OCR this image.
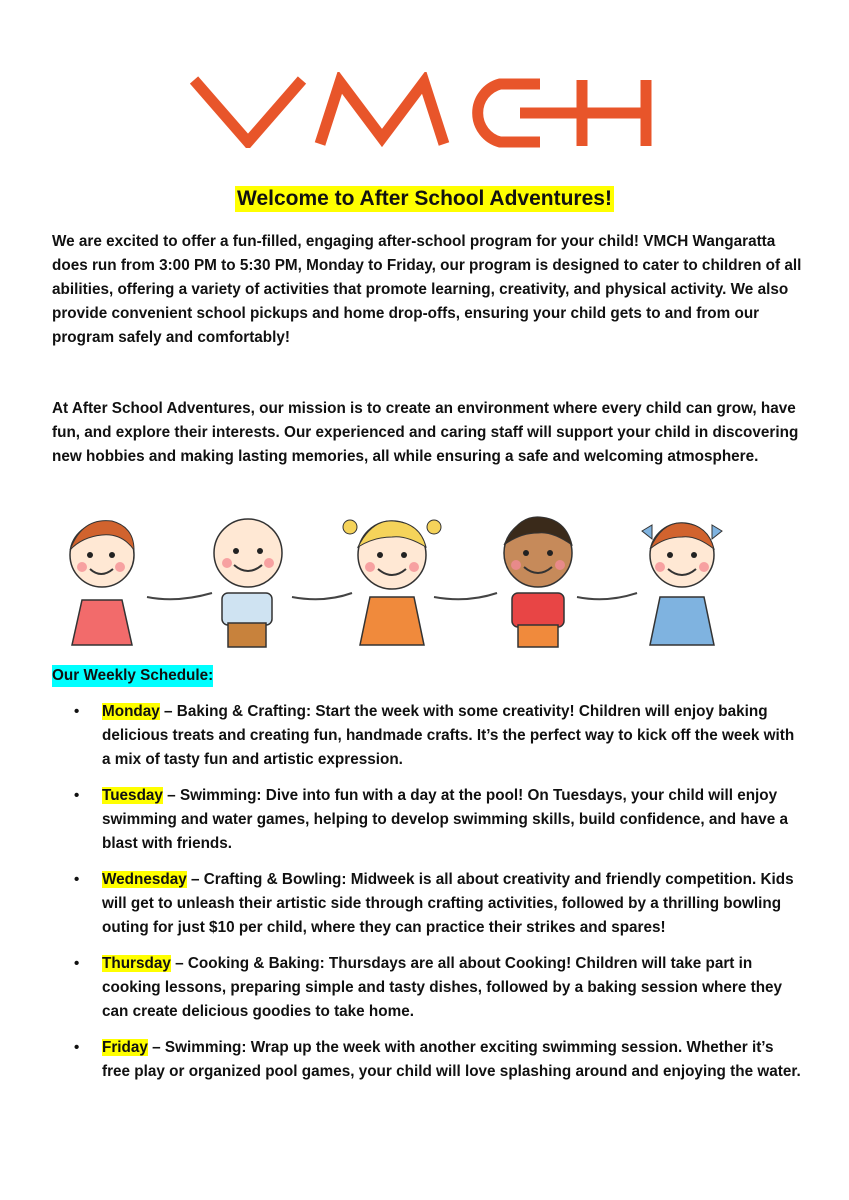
Welcome to After School Adventures!

We are excited to offer a fun-filled, engaging after-school program for your child! VMCH Wangaratta does run from 3:00 PM to 5:30 PM, Monday to Friday, our program is designed to cater to children of all abilities, offering a variety of activities that promote learning, creativity, and physical activity. We also provide convenient school pickups and home drop-offs, ensuring your child gets to and from our program safely and comfortably!

At After School Adventures, our mission is to create an environment where every child can grow, have fun, and explore their interests. Our experienced and caring staff will support your child in discovering new hobbies and making lasting memories, all while ensuring a safe and welcoming atmosphere.

Our Weekly Schedule:
• Monday – Baking & Crafting: Start the week with some creativity! Children will enjoy baking delicious treats and creating fun, handmade crafts. It’s the perfect way to kick off the week with a mix of tasty fun and artistic expression.
• Tuesday – Swimming: Dive into fun with a day at the pool! On Tuesdays, your child will enjoy swimming and water games, helping to develop swimming skills, build confidence, and have a blast with friends.
• Wednesday – Crafting & Bowling: Midweek is all about creativity and friendly competition. Kids will get to unleash their artistic side through crafting activities, followed by a thrilling bowling outing for just $10 per child, where they can practice their strikes and spares!
• Thursday – Cooking & Baking: Thursdays are all about Cooking! Children will take part in cooking lessons, preparing simple and tasty dishes, followed by a baking session where they can create delicious goodies to take home.
• Friday – Swimming: Wrap up the week with another exciting swimming session. Whether it’s free play or organized pool games, your child will love splashing around and enjoying the water.
